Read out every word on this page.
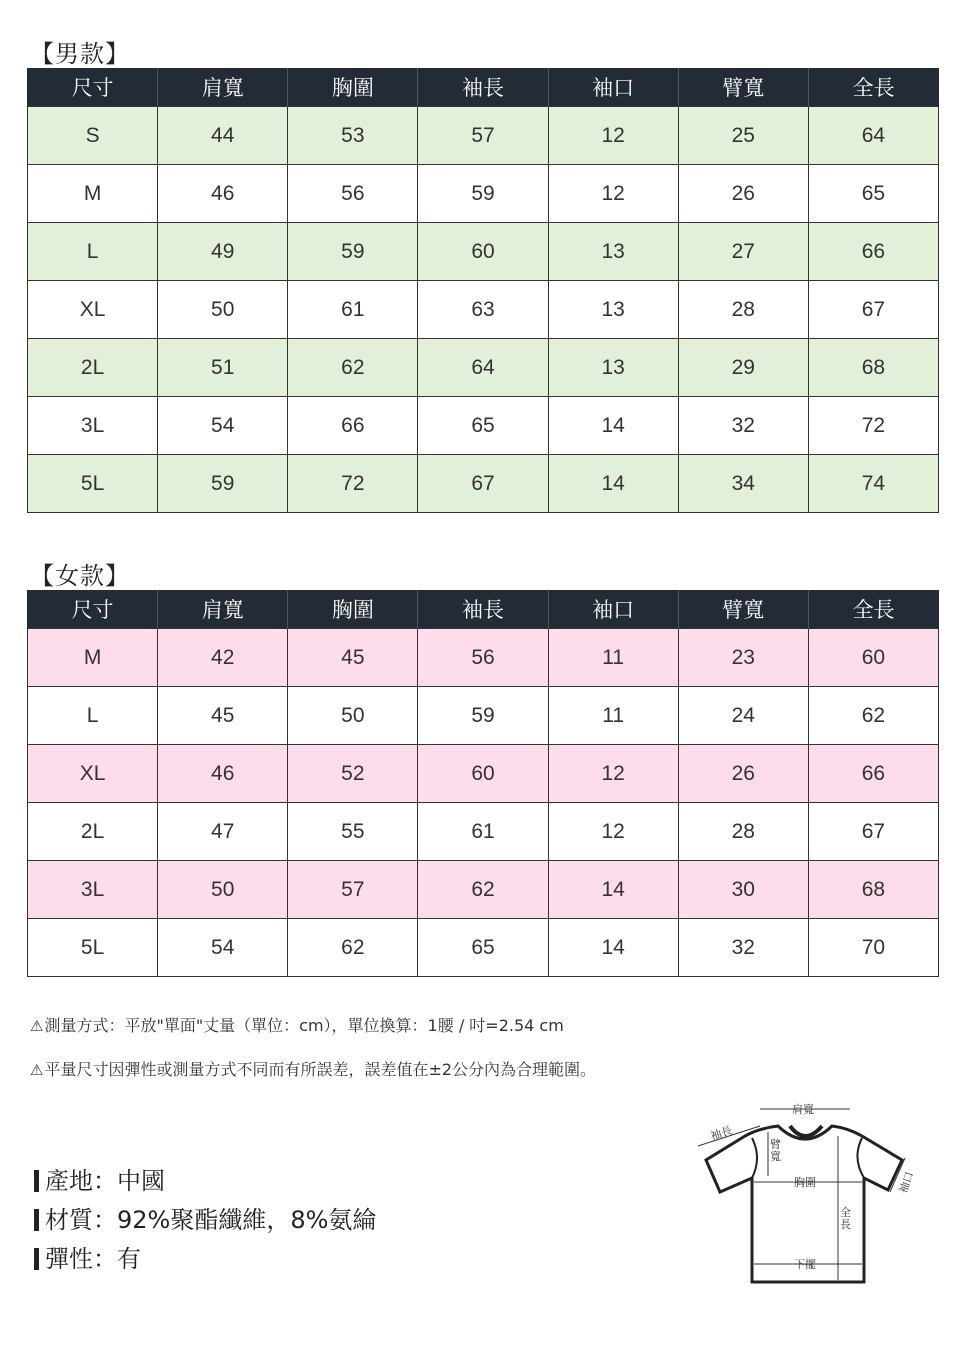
【男款】
尺寸	肩寬	胸圍	袖長	袖口	臂寬	全長
S	44	53	57	12	25	64
M	46	56	59	12	26	65
L	49	59	60	13	27	66
XL	50	61	63	13	28	67
2L	51	62	64	13	29	68
3L	54	66	65	14	32	72
5L	59	72	67	14	34	74
【女款】
尺寸	肩寬	胸圍	袖長	袖口	臂寬	全長
M	42	45	56	11	23	60
L	45	50	59	11	24	62
XL	46	52	60	12	26	66
2L	47	55	61	12	28	67
3L	50	57	62	14	30	68
5L	54	62	65	14	32	70
⚠測量方式：平放"單面"丈量（單位：cm），單位換算：1腰 / 吋=2.54 cm
⚠平量尺寸因彈性或測量方式不同而有所誤差，誤差值在±2公分內為合理範圍。
產地：中國
材質：92%聚酯纖維，8%氨綸
彈性：有
肩寬
袖長
臂
寬
胸圍
全
長
袖口
下擺
